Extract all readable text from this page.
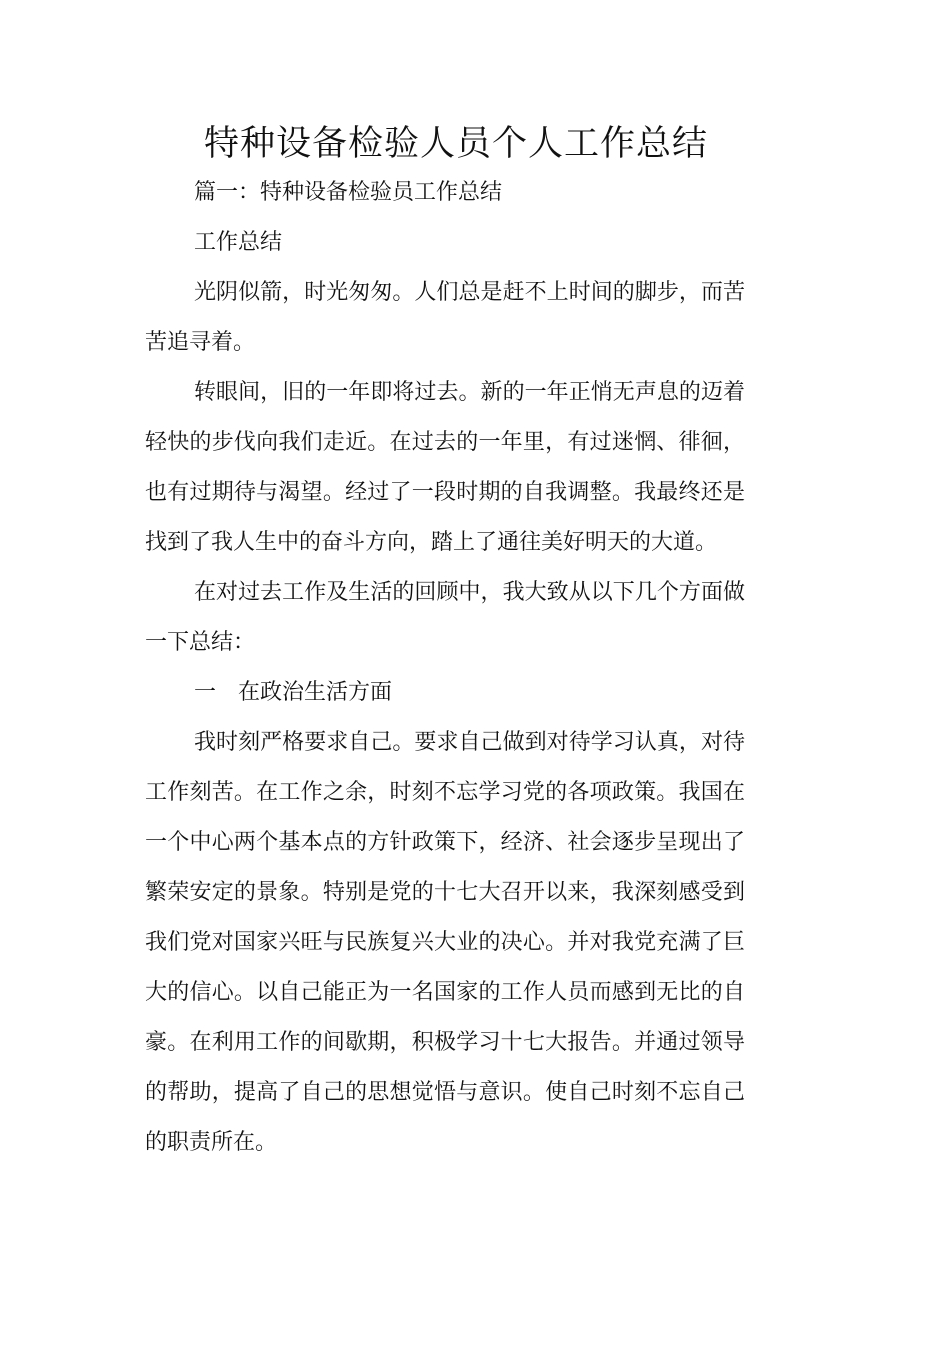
特种设备检验人员个人工作总结

篇一：特种设备检验员工作总结

工作总结

光阴似箭，时光匆匆。人们总是赶不上时间的脚步，而苦苦追寻着。

转眼间，旧的一年即将过去。新的一年正悄无声息的迈着轻快的步伐向我们走近。在过去的一年里，有过迷惘、徘徊，也有过期待与渴望。经过了一段时期的自我调整。我最终还是找到了我人生中的奋斗方向，踏上了通往美好明天的大道。

在对过去工作及生活的回顾中，我大致从以下几个方面做一下总结：

一　在政治生活方面

我时刻严格要求自己。要求自己做到对待学习认真，对待工作刻苦。在工作之余，时刻不忘学习党的各项政策。我国在一个中心两个基本点的方针政策下，经济、社会逐步呈现出了繁荣安定的景象。特别是党的十七大召开以来，我深刻感受到我们党对国家兴旺与民族复兴大业的决心。并对我党充满了巨大的信心。以自己能正为一名国家的工作人员而感到无比的自豪。在利用工作的间歇期，积极学习十七大报告。并通过领导的帮助，提高了自己的思想觉悟与意识。使自己时刻不忘自己的职责所在。
